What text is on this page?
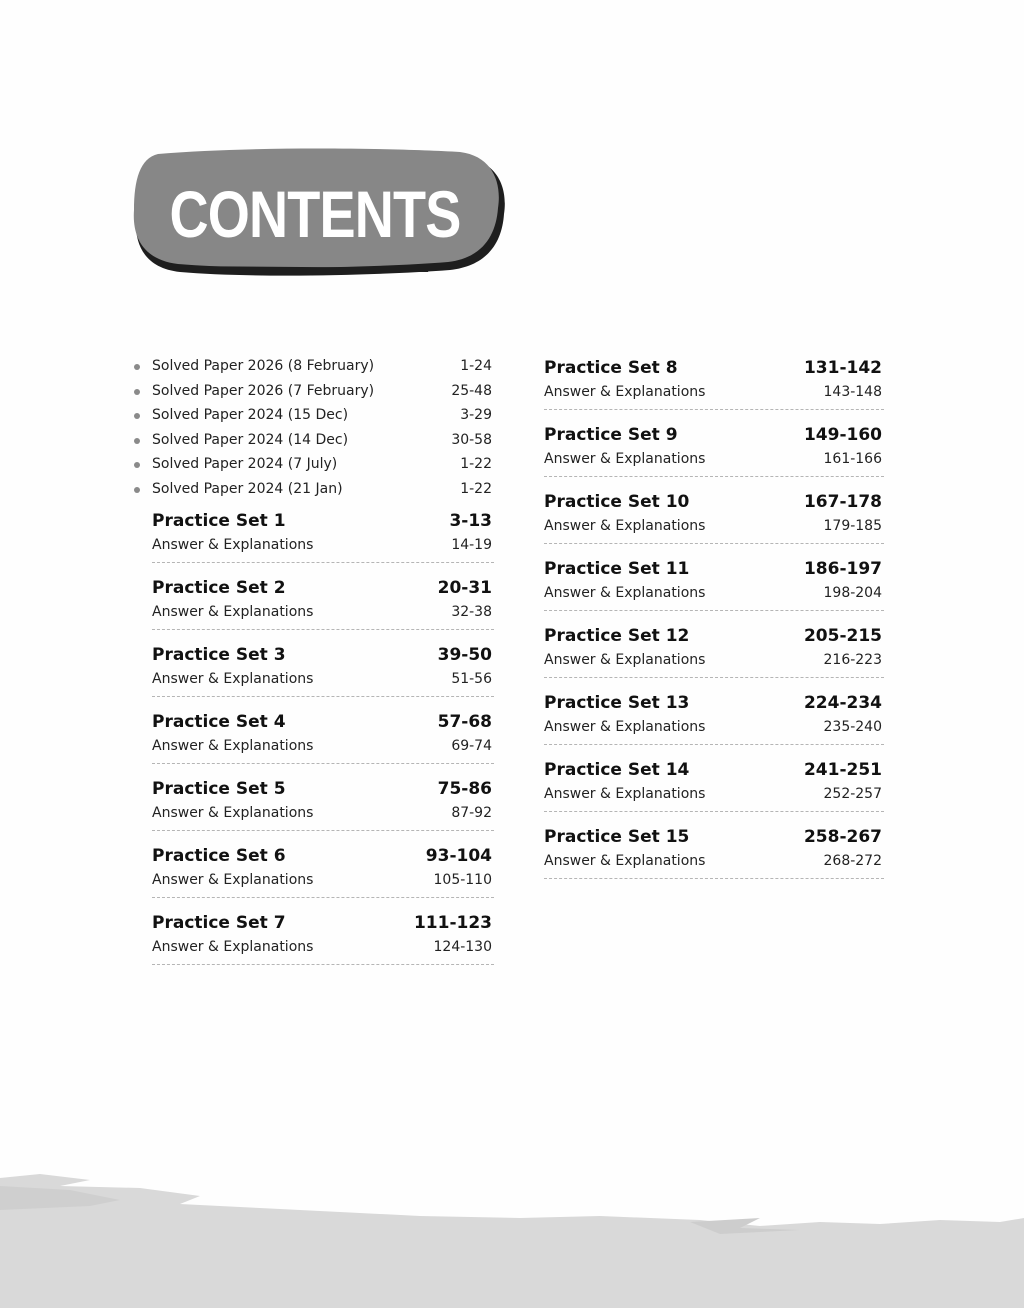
CONTENTS
Solved Paper 2026 (8 February)	1-24
Solved Paper 2026 (7 February)	25-48
Solved Paper 2024 (15 Dec)	3-29
Solved Paper 2024 (14 Dec)	30-58
Solved Paper 2024 (7 July)	1-22
Solved Paper 2024 (21 Jan)	1-22
Practice Set 1	3-13
Answer & Explanations	14-19
Practice Set 2	20-31
Answer & Explanations	32-38
Practice Set 3	39-50
Answer & Explanations	51-56
Practice Set 4	57-68
Answer & Explanations	69-74
Practice Set 5	75-86
Answer & Explanations	87-92
Practice Set 6	93-104
Answer & Explanations	105-110
Practice Set 7	111-123
Answer & Explanations	124-130
Practice Set 8	131-142
Answer & Explanations	143-148
Practice Set 9	149-160
Answer & Explanations	161-166
Practice Set 10	167-178
Answer & Explanations	179-185
Practice Set 11	186-197
Answer & Explanations	198-204
Practice Set 12	205-215
Answer & Explanations	216-223
Practice Set 13	224-234
Answer & Explanations	235-240
Practice Set 14	241-251
Answer & Explanations	252-257
Practice Set 15	258-267
Answer & Explanations	268-272
